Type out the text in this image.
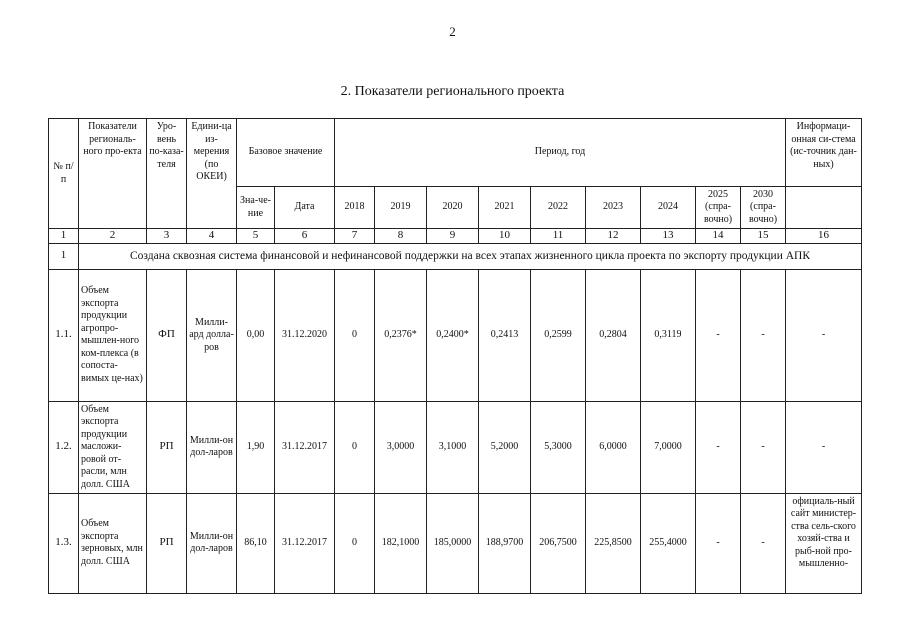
2
2. Показатели регионального проекта
№ п/п	Показатели региональ-ного про-екта	Уро-вень по-каза-теля	Едини-ца из-мерения (по ОКЕИ)	Базовое значение		Период, год									Информаци-онная си-стема (ис-точник дан-ных)
				Зна-че-ние	Дата	2018	2019	2020	2021	2022	2023	2024	2025 (спра-вочно)	2030 (спра-вочно)	
1	2	3	4	5	6	7	8	9	10	11	12	13	14	15	16
1	Создана сквозная система финансовой и нефинансовой поддержки на всех этапах жизненного цикла проекта по экспорту продукции АПК														
1.1.	Объем экспорта продукции агропро-мышлен-ного ком-плекса (в сопоста-вимых це-нах)	ФП	Милли-ард долла-ров	0,00	31.12.2020	0	0,2376*	0,2400*	0,2413	0,2599	0,2804	0,3119	-	-	-
1.2.	Объем экспорта продукции масложи-ровой от-расли, млн долл. США	РП	Милли-он дол-ларов	1,90	31.12.2017	0	3,0000	3,1000	5,2000	5,3000	6,0000	7,0000	-	-	-
1.3.	Объем экспорта зерновых, млн долл. США	РП	Милли-он дол-ларов	86,10	31.12.2017	0	182,1000	185,0000	188,9700	206,7500	225,8500	255,4000	-	-	официаль-ный сайт министер-ства сель-ского хозяй-ства и рыб-ной про-мышленно-
